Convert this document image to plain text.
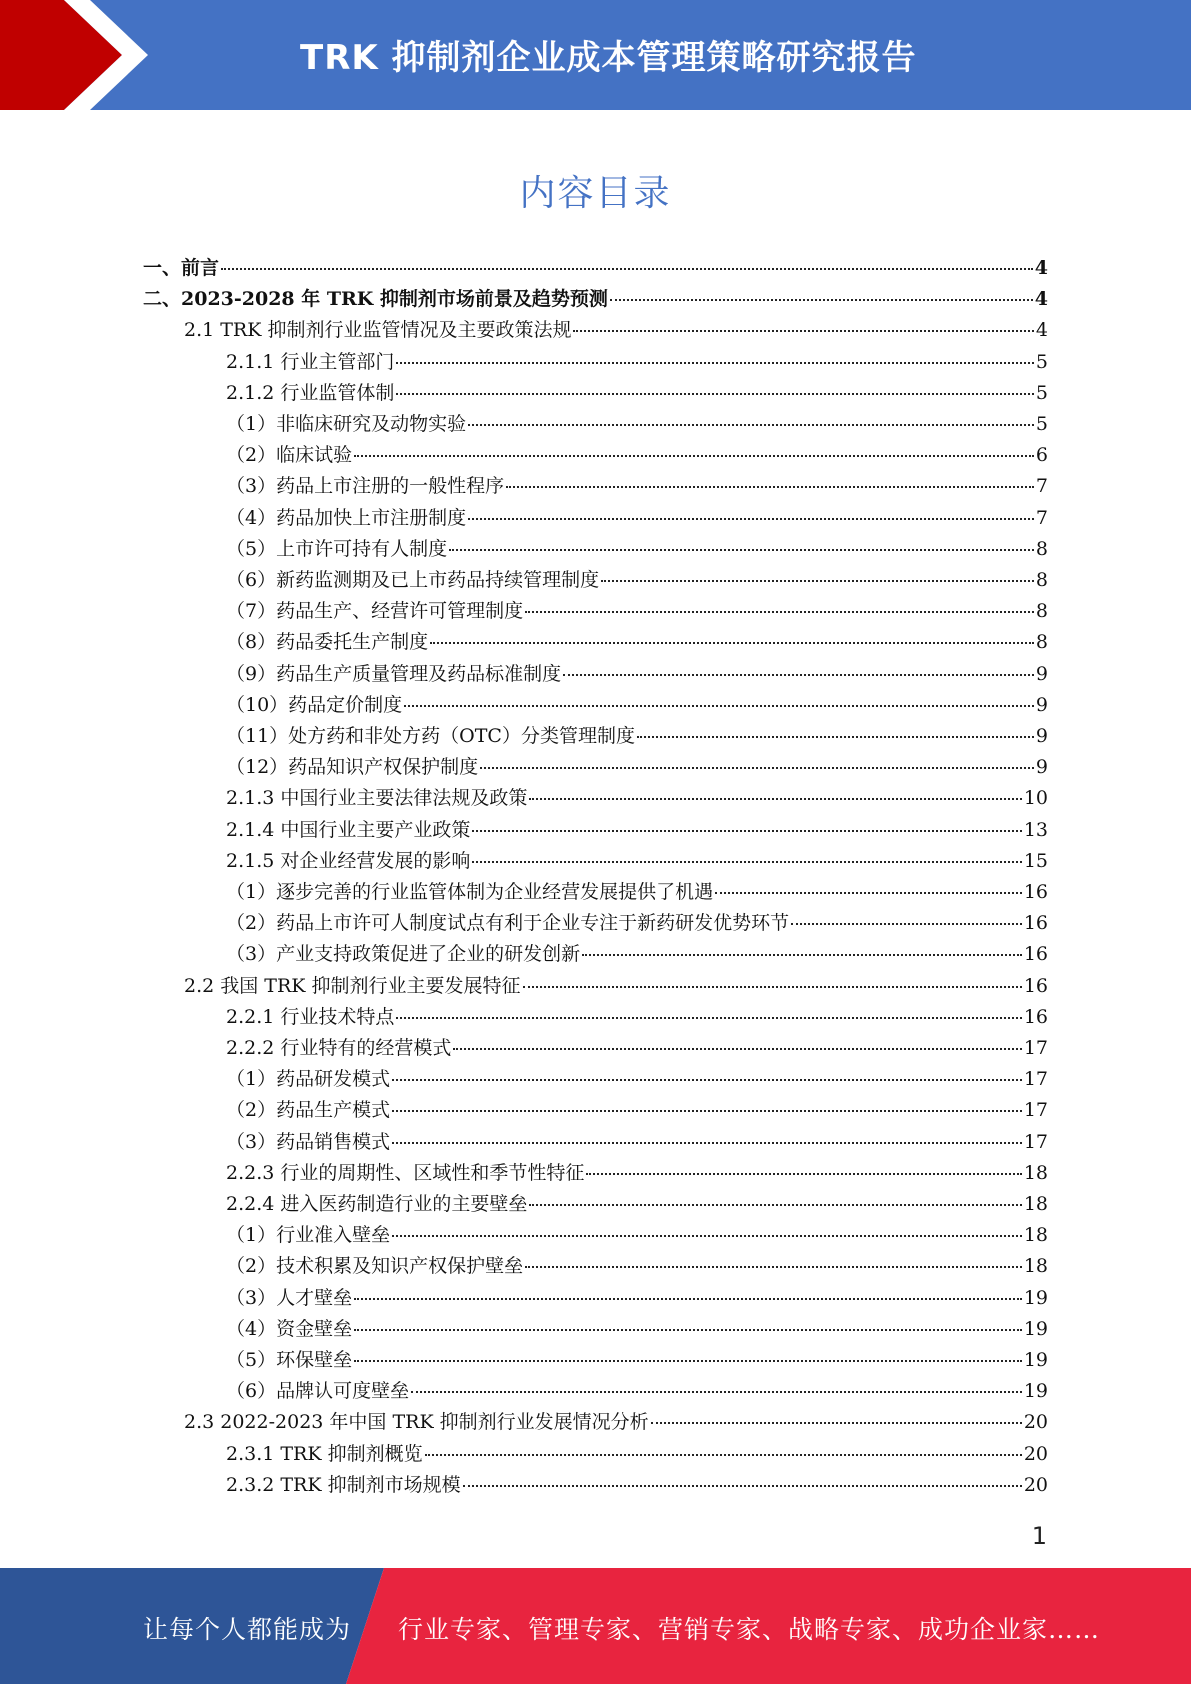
TRK 抑制剂企业成本管理策略研究报告
内容目录
一、前言	4
二、2023-2028 年 TRK 抑制剂市场前景及趋势预测	4
2.1 TRK 抑制剂行业监管情况及主要政策法规	4
2.1.1 行业主管部门	5
2.1.2 行业监管体制	5
（1）非临床研究及动物实验	5
（2）临床试验	6
（3）药品上市注册的一般性程序	7
（4）药品加快上市注册制度	7
（5）上市许可持有人制度	8
（6）新药监测期及已上市药品持续管理制度	8
（7）药品生产、经营许可管理制度	8
（8）药品委托生产制度	8
（9）药品生产质量管理及药品标准制度	9
（10）药品定价制度	9
（11）处方药和非处方药（OTC）分类管理制度	9
（12）药品知识产权保护制度	9
2.1.3 中国行业主要法律法规及政策	10
2.1.4 中国行业主要产业政策	13
2.1.5 对企业经营发展的影响	15
（1）逐步完善的行业监管体制为企业经营发展提供了机遇	16
（2）药品上市许可人制度试点有利于企业专注于新药研发优势环节	16
（3）产业支持政策促进了企业的研发创新	16
2.2 我国 TRK 抑制剂行业主要发展特征	16
2.2.1 行业技术特点	16
2.2.2 行业特有的经营模式	17
（1）药品研发模式	17
（2）药品生产模式	17
（3）药品销售模式	17
2.2.3 行业的周期性、区域性和季节性特征	18
2.2.4 进入医药制造行业的主要壁垒	18
（1）行业准入壁垒	18
（2）技术积累及知识产权保护壁垒	18
（3）人才壁垒	19
（4）资金壁垒	19
（5）环保壁垒	19
（6）品牌认可度壁垒	19
2.3 2022-2023 年中国 TRK 抑制剂行业发展情况分析	20
2.3.1 TRK 抑制剂概览	20
2.3.2 TRK 抑制剂市场规模	20
1
让每个人都能成为 行业专家、管理专家、营销专家、战略专家、成功企业家……
